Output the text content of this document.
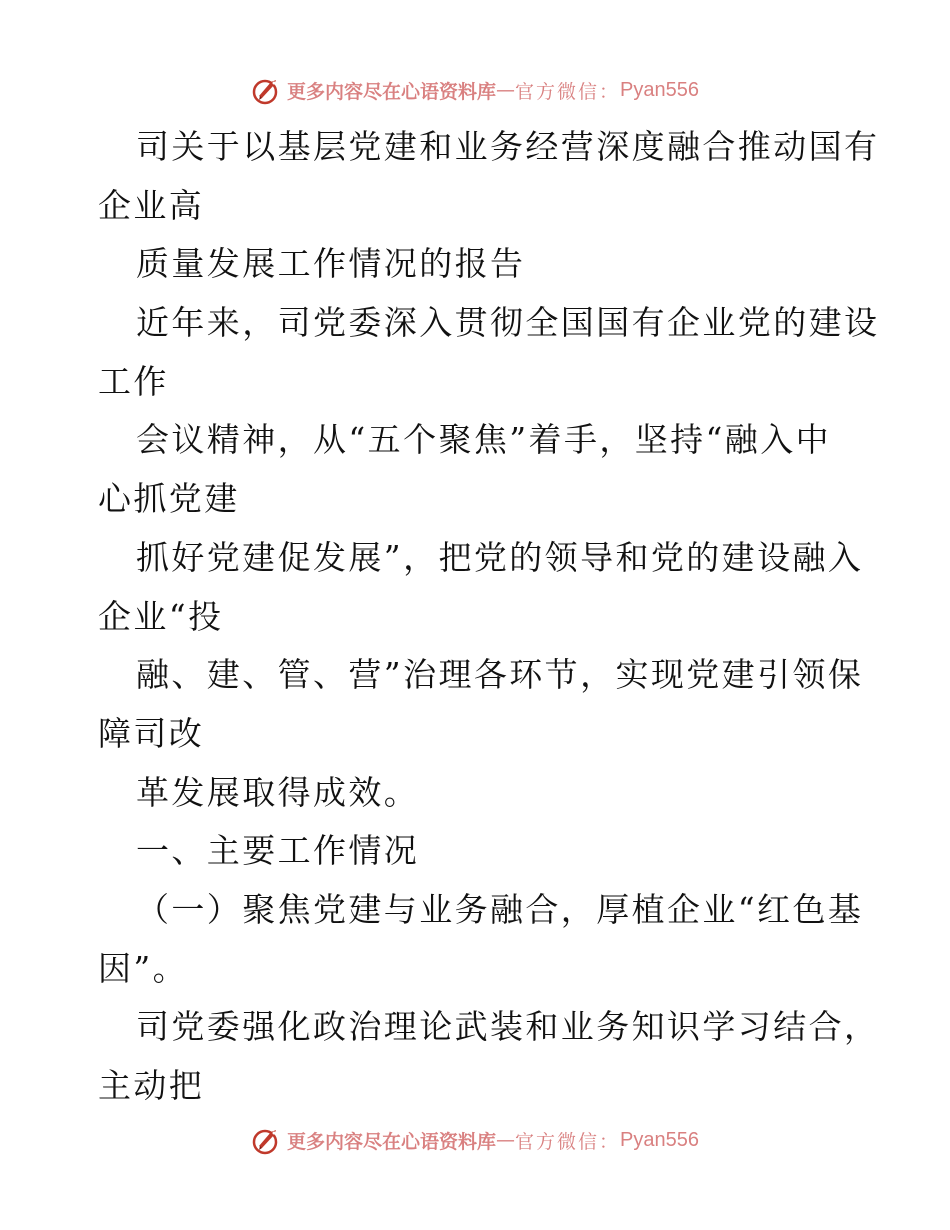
更多内容尽在心语资料库 — 官方微信： Pyan556
司关于以基层党建和业务经营深度融合推动国有
企业高
质量发展工作情况的报告
近年来，司党委深入贯彻全国国有企业党的建设
工作
会议精神，从“五个聚焦”着手，坚持“融入中
心抓党建
抓好党建促发展”，把党的领导和党的建设融入
企业“投
融、建、管、营”治理各环节，实现党建引领保
障司改
革发展取得成效。
一、主要工作情况
（一）聚焦党建与业务融合，厚植企业“红色基
因”。
司党委强化政治理论武装和业务知识学习结合，
主动把
更多内容尽在心语资料库 — 官方微信： Pyan556
